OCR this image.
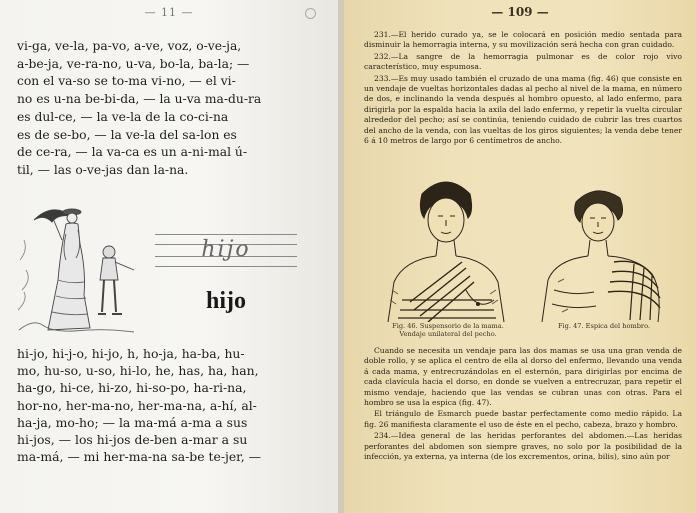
— 11 —
vi-ga, ve-la, pa-vo, a-ve, voz, o-ve-ja,
a-be-ja, ve-ra-no, u-va, bo-la, ba-la; —
con el va-so se to-ma vi-no, — el vi-
no es u-na be-bi-da, — la u-va ma-du-ra
es dul-ce, — la ve-la de la co-ci-na
es de se-bo, — la ve-la del sa-lon es
de ce-ra, — la va-ca es un a-ni-mal ú-
til, — las o-ve-jas dan la-na.
hijo
hijo
hi-jo, hi-j-o, hi-jo, h, ho-ja, ha-ba, hu-
mo, hu-so, u-so, hi-lo, he, has, ha, han,
ha-go, hi-ce, hi-zo, hi-so-po, ha-ri-na,
hor-no, her-ma-no, her-ma-na, a-hí, al-
ha-ja, mo-ho; — la ma-má a-ma a sus
hi-jos, — los hi-jos de-ben a-mar a su
ma-má, — mi her-ma-na sa-be te-jer, —
— 109 —

231.—El herido curado ya, se le colocará en posición medio sentada para disminuir la hemorragia interna, y su movilización será hecha con gran cuidado.

232.—La sangre de la hemorragia pulmonar es de color rojo vivo característico, muy espumosa.

233.—Es muy usado también el cruzado de una mama (fig. 46) que consiste en un vendaje de vueltas horizontales dadas al pecho al nivel de la mama, en número de dos, e inclinando la venda después al hombro opuesto, al lado enfermo, para dirigirla por la espalda hacia la axila del lado enfermo, y repetir la vuelta circular alrededor del pecho; así se continúa, teniendo cuidado de cubrir las tres cuartos del ancho de la venda, con las vueltas de los giros siguientes; la venda debe tener 6 á 10 metros de largo por 6 centímetros de ancho.

Fig. 46. Suspensorio de la mama. Vendaje unilateral del pecho.
Fig. 47. Espica del hombro.

Cuando se necesita un vendaje para las dos mamas se usa una gran venda de doble rollo, y se aplica el centro de ella al dorso del enfermo, llevando una venda á cada mama, y entrecruzándolas en el esternón, para dirigirlas por encima de cada clavícula hacia el dorso, en donde se vuelven a entrecruzar, para repetir el mismo vendaje, haciendo que las vendas se cubran unas con otras. Para el hombro se usa la espica (fig. 47).

El triángulo de Esmarch puede bastar perfectamente como medio rápido. La fig. 26 manifiesta claramente el uso de éste en el pecho, cabeza, brazo y hombro.

234.—Idea general de las heridas perforantes del abdomen.—Las heridas perforantes del abdomen son siempre graves, no solo por la posibilidad de la infección, ya externa, ya interna (de los excrementos, orina, bilis), sino aún por
